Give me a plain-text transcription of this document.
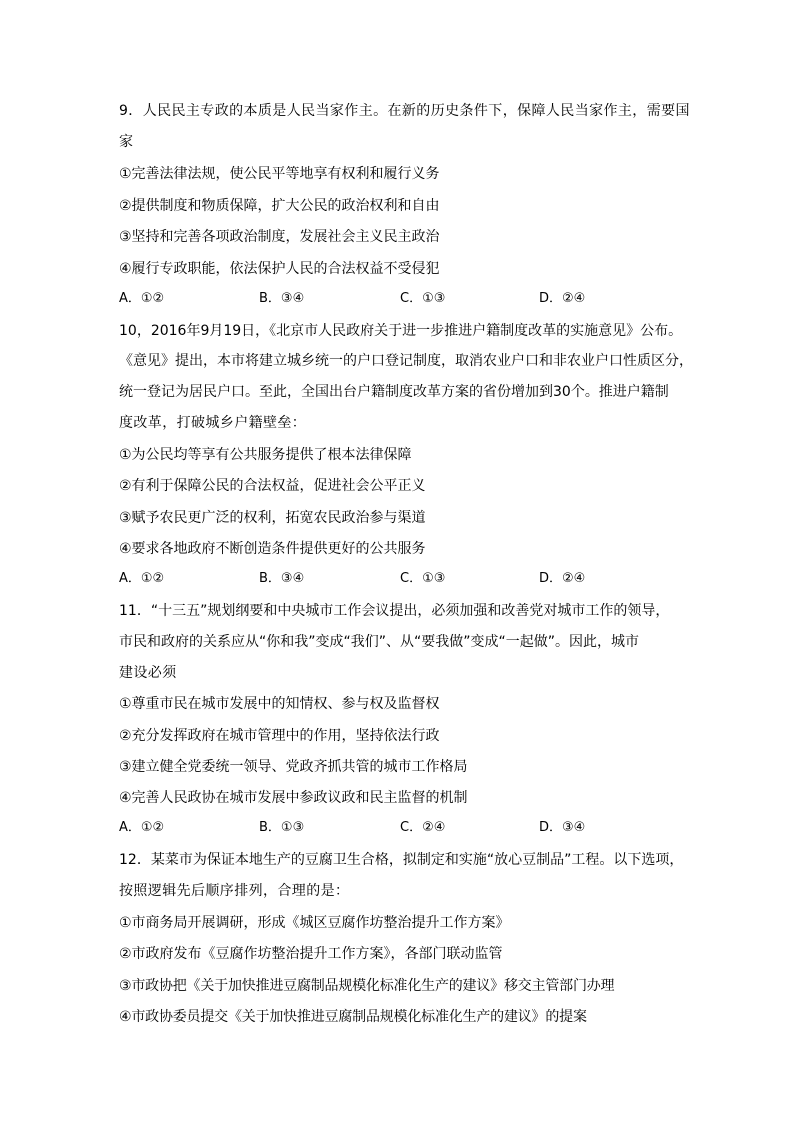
9．人民民主专政的本质是人民当家作主。在新的历史条件下，保障人民当家作主，需要国
家
①完善法律法规，使公民平等地享有权利和履行义务
②提供制度和物质保障，扩大公民的政治权利和自由
③坚持和完善各项政治制度，发展社会主义民主政治
④履行专政职能，依法保护人民的合法权益不受侵犯
A．①②	B．③④	C．①③	D．②④
10，2016年9月19日，《北京市人民政府关于进一步推进户籍制度改革的实施意见》公布。
《意见》提出，本市将建立城乡统一的户口登记制度，取消农业户口和非农业户口性质区分，
统一登记为居民户口。至此，全国出台户籍制度改革方案的省份增加到30个。推进户籍制
度改革，打破城乡户籍壁垒：
①为公民均等享有公共服务提供了根本法律保障
②有利于保障公民的合法权益，促进社会公平正义
③赋予农民更广泛的权利，拓宽农民政治参与渠道
④要求各地政府不断创造条件提供更好的公共服务
A．①②	B．③④	C．①③	D．②④
11．“十三五”规划纲要和中央城市工作会议提出，必须加强和改善党对城市工作的领导，
市民和政府的关系应从“你和我”变成“我们”、从“要我做”变成“一起做”。因此，城市
建设必须
①尊重市民在城市发展中的知情权、参与权及监督权
②充分发挥政府在城市管理中的作用，坚持依法行政
③建立健全党委统一领导、党政齐抓共管的城市工作格局
④完善人民政协在城市发展中参政议政和民主监督的机制
A．①②	B．①③	C．②④	D．③④
12．某菜市为保证本地生产的豆腐卫生合格，拟制定和实施“放心豆制品”工程。以下选项，
按照逻辑先后顺序排列，合理的是：
①市商务局开展调研，形成《城区豆腐作坊整治提升工作方案》
②市政府发布《豆腐作坊整治提升工作方案》，各部门联动监管
③市政协把《关于加快推进豆腐制品规模化标准化生产的建议》移交主管部门办理
④市政协委员提交《关于加快推进豆腐制品规模化标准化生产的建议》的提案
